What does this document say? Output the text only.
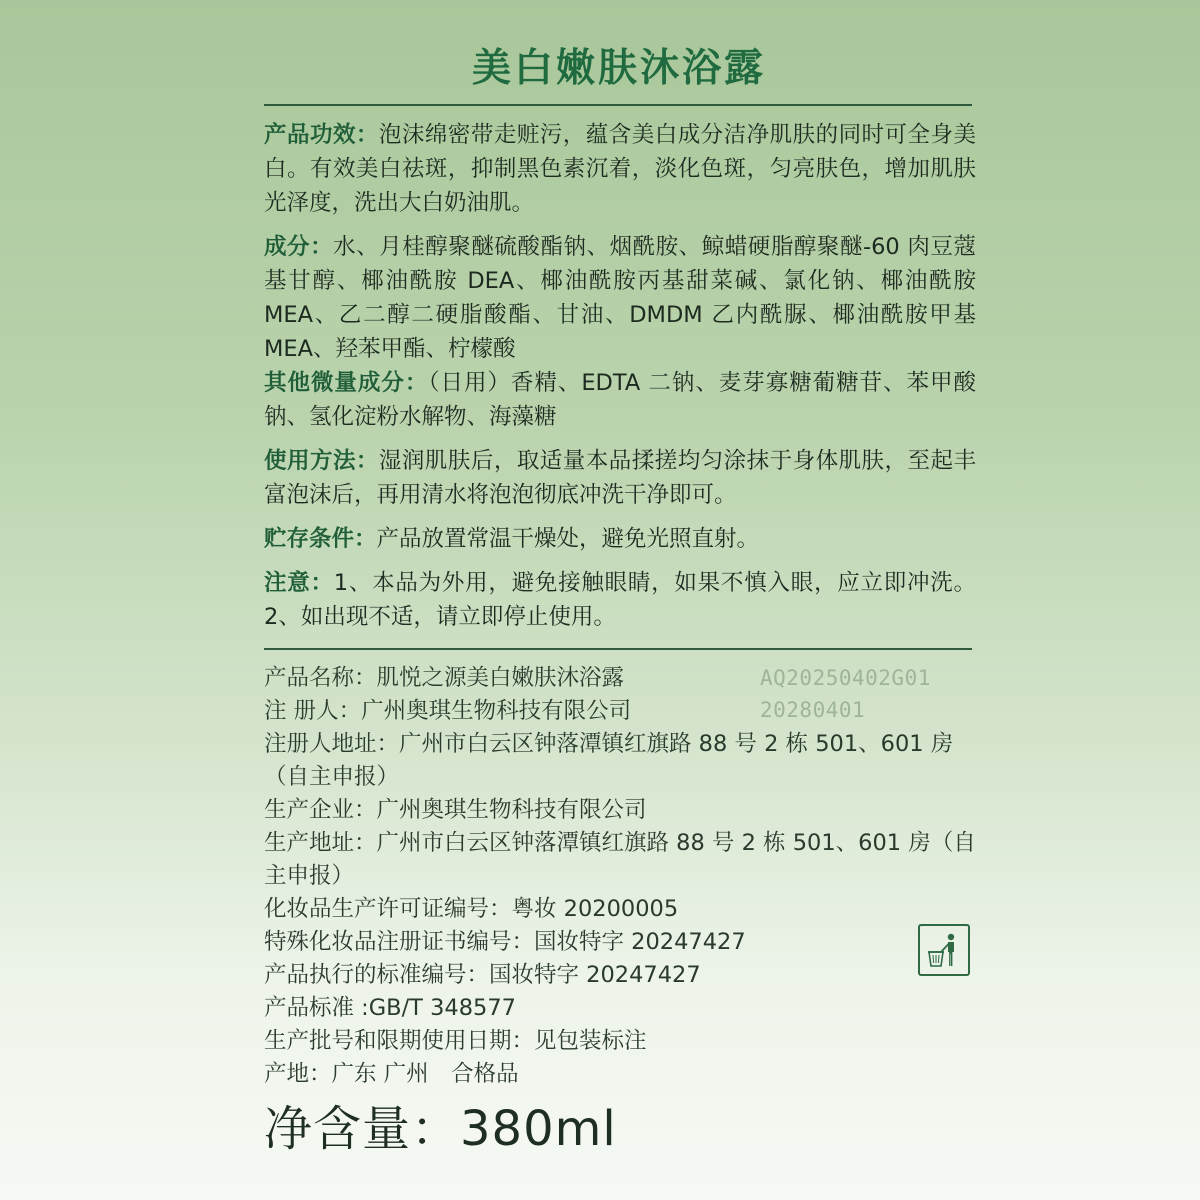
美白嫩肤沐浴露

产品功效：泡沫绵密带走赃污，蕴含美白成分洁净肌肤的同时可全身美白。有效美白祛斑，抑制黑色素沉着，淡化色斑，匀亮肤色，增加肌肤光泽度，洗出大白奶油肌。

成分：水、月桂醇聚醚硫酸酯钠、烟酰胺、鲸蜡硬脂醇聚醚-60 肉豆蔻基甘醇、椰油酰胺 DEA、椰油酰胺丙基甜菜碱、氯化钠、椰油酰胺 MEA、乙二醇二硬脂酸酯、甘油、DMDM 乙内酰脲、椰油酰胺甲基 MEA、羟苯甲酯、柠檬酸

其他微量成分：（日用）香精、EDTA 二钠、麦芽寡糖葡糖苷、苯甲酸钠、氢化淀粉水解物、海藻糖

使用方法：湿润肌肤后，取适量本品揉搓均匀涂抹于身体肌肤，至起丰富泡沫后，再用清水将泡泡彻底冲洗干净即可。

贮存条件：产品放置常温干燥处，避免光照直射。

注意：1、本品为外用，避免接触眼睛，如果不慎入眼，应立即冲洗。2、如出现不适，请立即停止使用。

产品名称：肌悦之源美白嫩肤沐浴露
注 册人：广州奥琪生物科技有限公司
注册人地址：广州市白云区钟落潭镇红旗路 88 号 2 栋 501、601 房（自主申报）
生产企业：广州奥琪生物科技有限公司
生产地址：广州市白云区钟落潭镇红旗路 88 号 2 栋 501、601 房（自主申报）
化妆品生产许可证编号：粤妆 20200005
特殊化妆品注册证书编号：国妆特字 20247427
产品执行的标准编号：国妆特字 20247427
产品标准 :GB/T 348577
生产批号和限期使用日期：见包装标注
产地：广东 广州　合格品
AQ20250402G01
20280401
净含量：380ml
